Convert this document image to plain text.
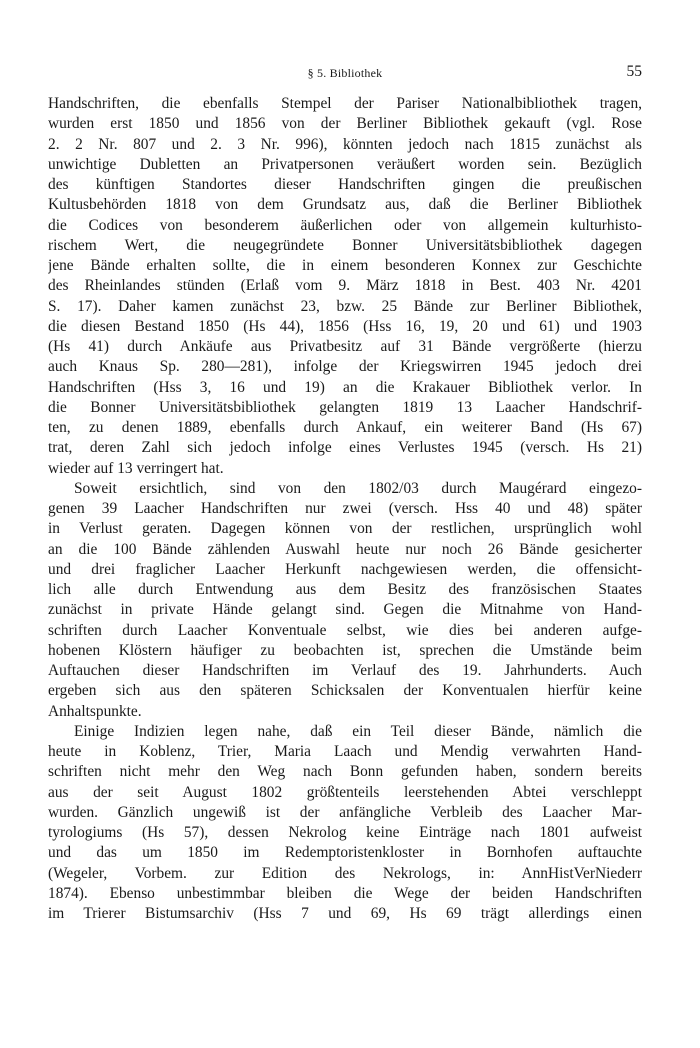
§ 5. Bibliothek	55
Handschriften, die ebenfalls Stempel der Pariser Nationalbibliothek tragen,
wurden erst 1850 und 1856 von der Berliner Bibliothek gekauft (vgl. Rose
2. 2 Nr. 807 und 2. 3 Nr. 996), könnten jedoch nach 1815 zunächst als
unwichtige Dubletten an Privatpersonen veräußert worden sein. Bezüglich
des künftigen Standortes dieser Handschriften gingen die preußischen
Kultusbehörden 1818 von dem Grundsatz aus, daß die Berliner Bibliothek
die Codices von besonderem äußerlichen oder von allgemein kulturhisto-
rischem Wert, die neugegründete Bonner Universitätsbibliothek dagegen
jene Bände erhalten sollte, die in einem besonderen Konnex zur Geschichte
des Rheinlandes stünden (Erlaß vom 9. März 1818 in Best. 403 Nr. 4201
S. 17). Daher kamen zunächst 23, bzw. 25 Bände zur Berliner Bibliothek,
die diesen Bestand 1850 (Hs 44), 1856 (Hss 16, 19, 20 und 61) und 1903
(Hs 41) durch Ankäufe aus Privatbesitz auf 31 Bände vergrößerte (hierzu
auch Knaus Sp. 280—281), infolge der Kriegswirren 1945 jedoch drei
Handschriften (Hss 3, 16 und 19) an die Krakauer Bibliothek verlor. In
die Bonner Universitätsbibliothek gelangten 1819 13 Laacher Handschrif-
ten, zu denen 1889, ebenfalls durch Ankauf, ein weiterer Band (Hs 67)
trat, deren Zahl sich jedoch infolge eines Verlustes 1945 (versch. Hs 21)
wieder auf 13 verringert hat.
Soweit ersichtlich, sind von den 1802/03 durch Maugérard eingezo-
genen 39 Laacher Handschriften nur zwei (versch. Hss 40 und 48) später
in Verlust geraten. Dagegen können von der restlichen, ursprünglich wohl
an die 100 Bände zählenden Auswahl heute nur noch 26 Bände gesicherter
und drei fraglicher Laacher Herkunft nachgewiesen werden, die offensicht-
lich alle durch Entwendung aus dem Besitz des französischen Staates
zunächst in private Hände gelangt sind. Gegen die Mitnahme von Hand-
schriften durch Laacher Konventuale selbst, wie dies bei anderen aufge-
hobenen Klöstern häufiger zu beobachten ist, sprechen die Umstände beim
Auftauchen dieser Handschriften im Verlauf des 19. Jahrhunderts. Auch
ergeben sich aus den späteren Schicksalen der Konventualen hierfür keine
Anhaltspunkte.
Einige Indizien legen nahe, daß ein Teil dieser Bände, nämlich die
heute in Koblenz, Trier, Maria Laach und Mendig verwahrten Hand-
schriften nicht mehr den Weg nach Bonn gefunden haben, sondern bereits
aus der seit August 1802 größtenteils leerstehenden Abtei verschleppt
wurden. Gänzlich ungewiß ist der anfängliche Verbleib des Laacher Mar-
tyrologiums (Hs 57), dessen Nekrolog keine Einträge nach 1801 aufweist
und das um 1850 im Redemptoristenkloster in Bornhofen auftauchte
(Wegeler, Vorbem. zur Edition des Nekrologs, in: AnnHistVerNiederr
1874). Ebenso unbestimmbar bleiben die Wege der beiden Handschriften
im Trierer Bistumsarchiv (Hss 7 und 69, Hs 69 trägt allerdings einen
